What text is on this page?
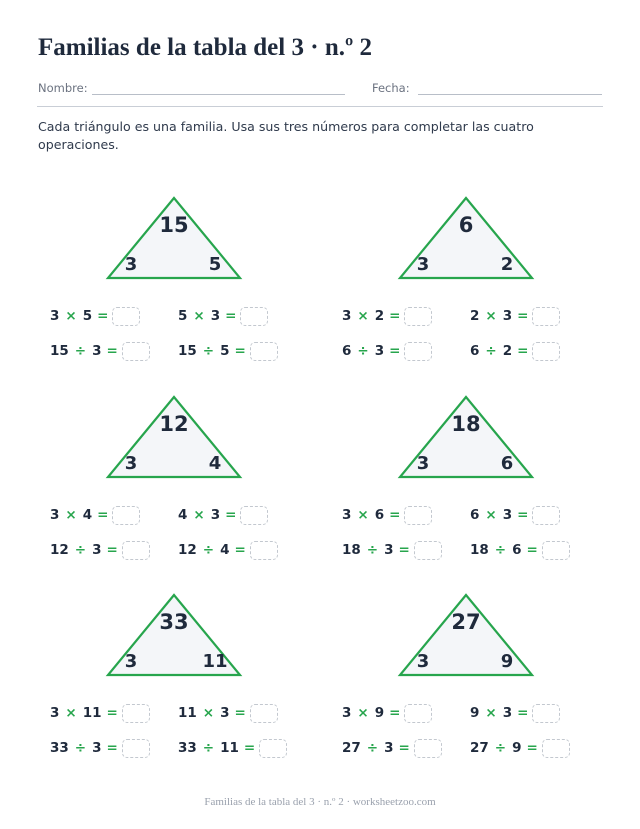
Familias de la tabla del 3 · n.º 2
Nombre:	Fecha:

Cada triángulo es una familia. Usa sus tres números para completar las cuatro operaciones.

15
3	5
3 × 5 =	5 × 3 =
15 ÷ 3 =	15 ÷ 5 =
6
3	2
3 × 2 =	2 × 3 =
6 ÷ 3 =	6 ÷ 2 =
12
3	4
3 × 4 =	4 × 3 =
12 ÷ 3 =	12 ÷ 4 =
18
3	6
3 × 6 =	6 × 3 =
18 ÷ 3 =	18 ÷ 6 =
33
3	11
3 × 11 =	11 × 3 =
33 ÷ 3 =	33 ÷ 11 =
27
3	9
3 × 9 =	9 × 3 =
27 ÷ 3 =	27 ÷ 9 =
Familias de la tabla del 3 · n.º 2 · worksheetzoo.com
